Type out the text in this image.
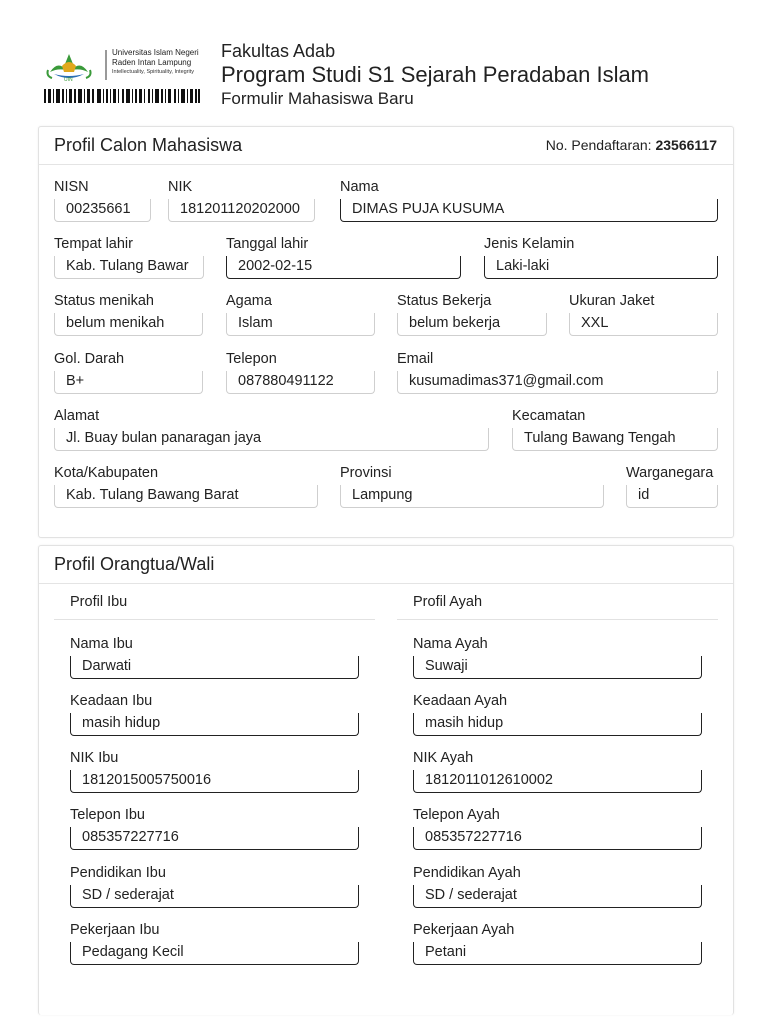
UIN
Universitas Islam Negeri
Raden Intan Lampung
Intellectuality, Spirituality, Integrity
Fakultas Adab
Program Studi S1 Sejarah Peradaban Islam
Formulir Mahasiswa Baru
Profil Calon Mahasiswa	No. Pendaftaran: 23566117
NISN
00235661
NIK
181201120202000
Nama
DIMAS PUJA KUSUMA
Tempat lahir
Kab. Tulang Bawar
Tanggal lahir
2002-02-15
Jenis Kelamin
Laki-laki
Status menikah
belum menikah
Agama
Islam
Status Bekerja
belum bekerja
Ukuran Jaket
XXL
Gol. Darah
B+
Telepon
087880491122
Email
kusumadimas371@gmail.com
Alamat
Jl. Buay bulan panaragan jaya
Kecamatan
Tulang Bawang Tengah
Kota/Kabupaten
Kab. Tulang Bawang Barat
Provinsi
Lampung
Warganegara
id
Profil Orangtua/Wali
Profil Ibu	Profil Ayah
Nama Ibu
Darwati
Keadaan Ibu
masih hidup
NIK Ibu
1812015005750016
Telepon Ibu
085357227716
Pendidikan Ibu
SD / sederajat
Pekerjaan Ibu
Pedagang Kecil
Nama Ayah
Suwaji
Keadaan Ayah
masih hidup
NIK Ayah
1812011012610002
Telepon Ayah
085357227716
Pendidikan Ayah
SD / sederajat
Pekerjaan Ayah
Petani
